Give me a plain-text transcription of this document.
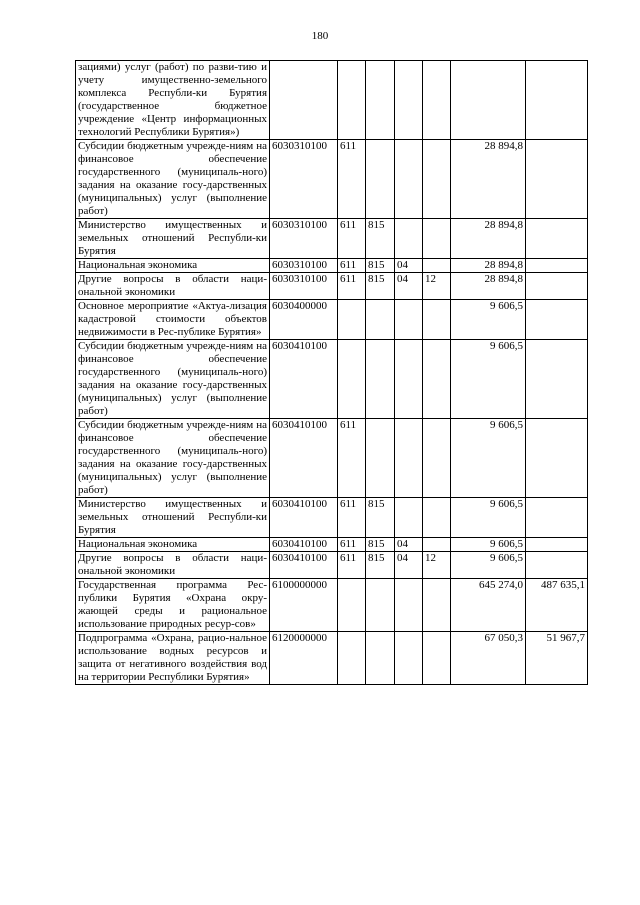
180
зациями) услуг (работ) по разви-тию и учету имущественно-земельного комплекса Республи-ки Бурятия (государственное бюджетное учреждение «Центр информационных технологий Республики Бурятия»)							
Субсидии бюджетным учрежде-ниям на финансовое обеспечение государственного (муниципаль-ного) задания на оказание госу-дарственных (муниципальных) услуг (выполнение работ)	6030310100	611				28 894,8	
Министерство имущественных и земельных отношений Республи-ки Бурятия	6030310100	611	815			28 894,8	
Национальная экономика	6030310100	611	815	04		28 894,8	
Другие вопросы в области наци-ональной экономики	6030310100	611	815	04	12	28 894,8	
Основное мероприятие «Актуа-лизация кадастровой стоимости объектов недвижимости в Рес-публике Бурятия»	6030400000					9 606,5	
Субсидии бюджетным учрежде-ниям на финансовое обеспечение государственного (муниципаль-ного) задания на оказание госу-дарственных (муниципальных) услуг (выполнение работ)	6030410100					9 606,5	
Субсидии бюджетным учрежде-ниям на финансовое обеспечение государственного (муниципаль-ного) задания на оказание госу-дарственных (муниципальных) услуг (выполнение работ)	6030410100	611				9 606,5	
Министерство имущественных и земельных отношений Республи-ки Бурятия	6030410100	611	815			9 606,5	
Национальная экономика	6030410100	611	815	04		9 606,5	
Другие вопросы в области наци-ональной экономики	6030410100	611	815	04	12	9 606,5	
Государственная программа Рес-публики Бурятия «Охрана окру-жающей среды и рациональное использование природных ресур-сов»	6100000000					645 274,0	487 635,1
Подпрограмма «Охрана, рацио-нальное использование водных ресурсов и защита от негативного воздействия вод на территории Республики Бурятия»	6120000000					67 050,3	51 967,7
